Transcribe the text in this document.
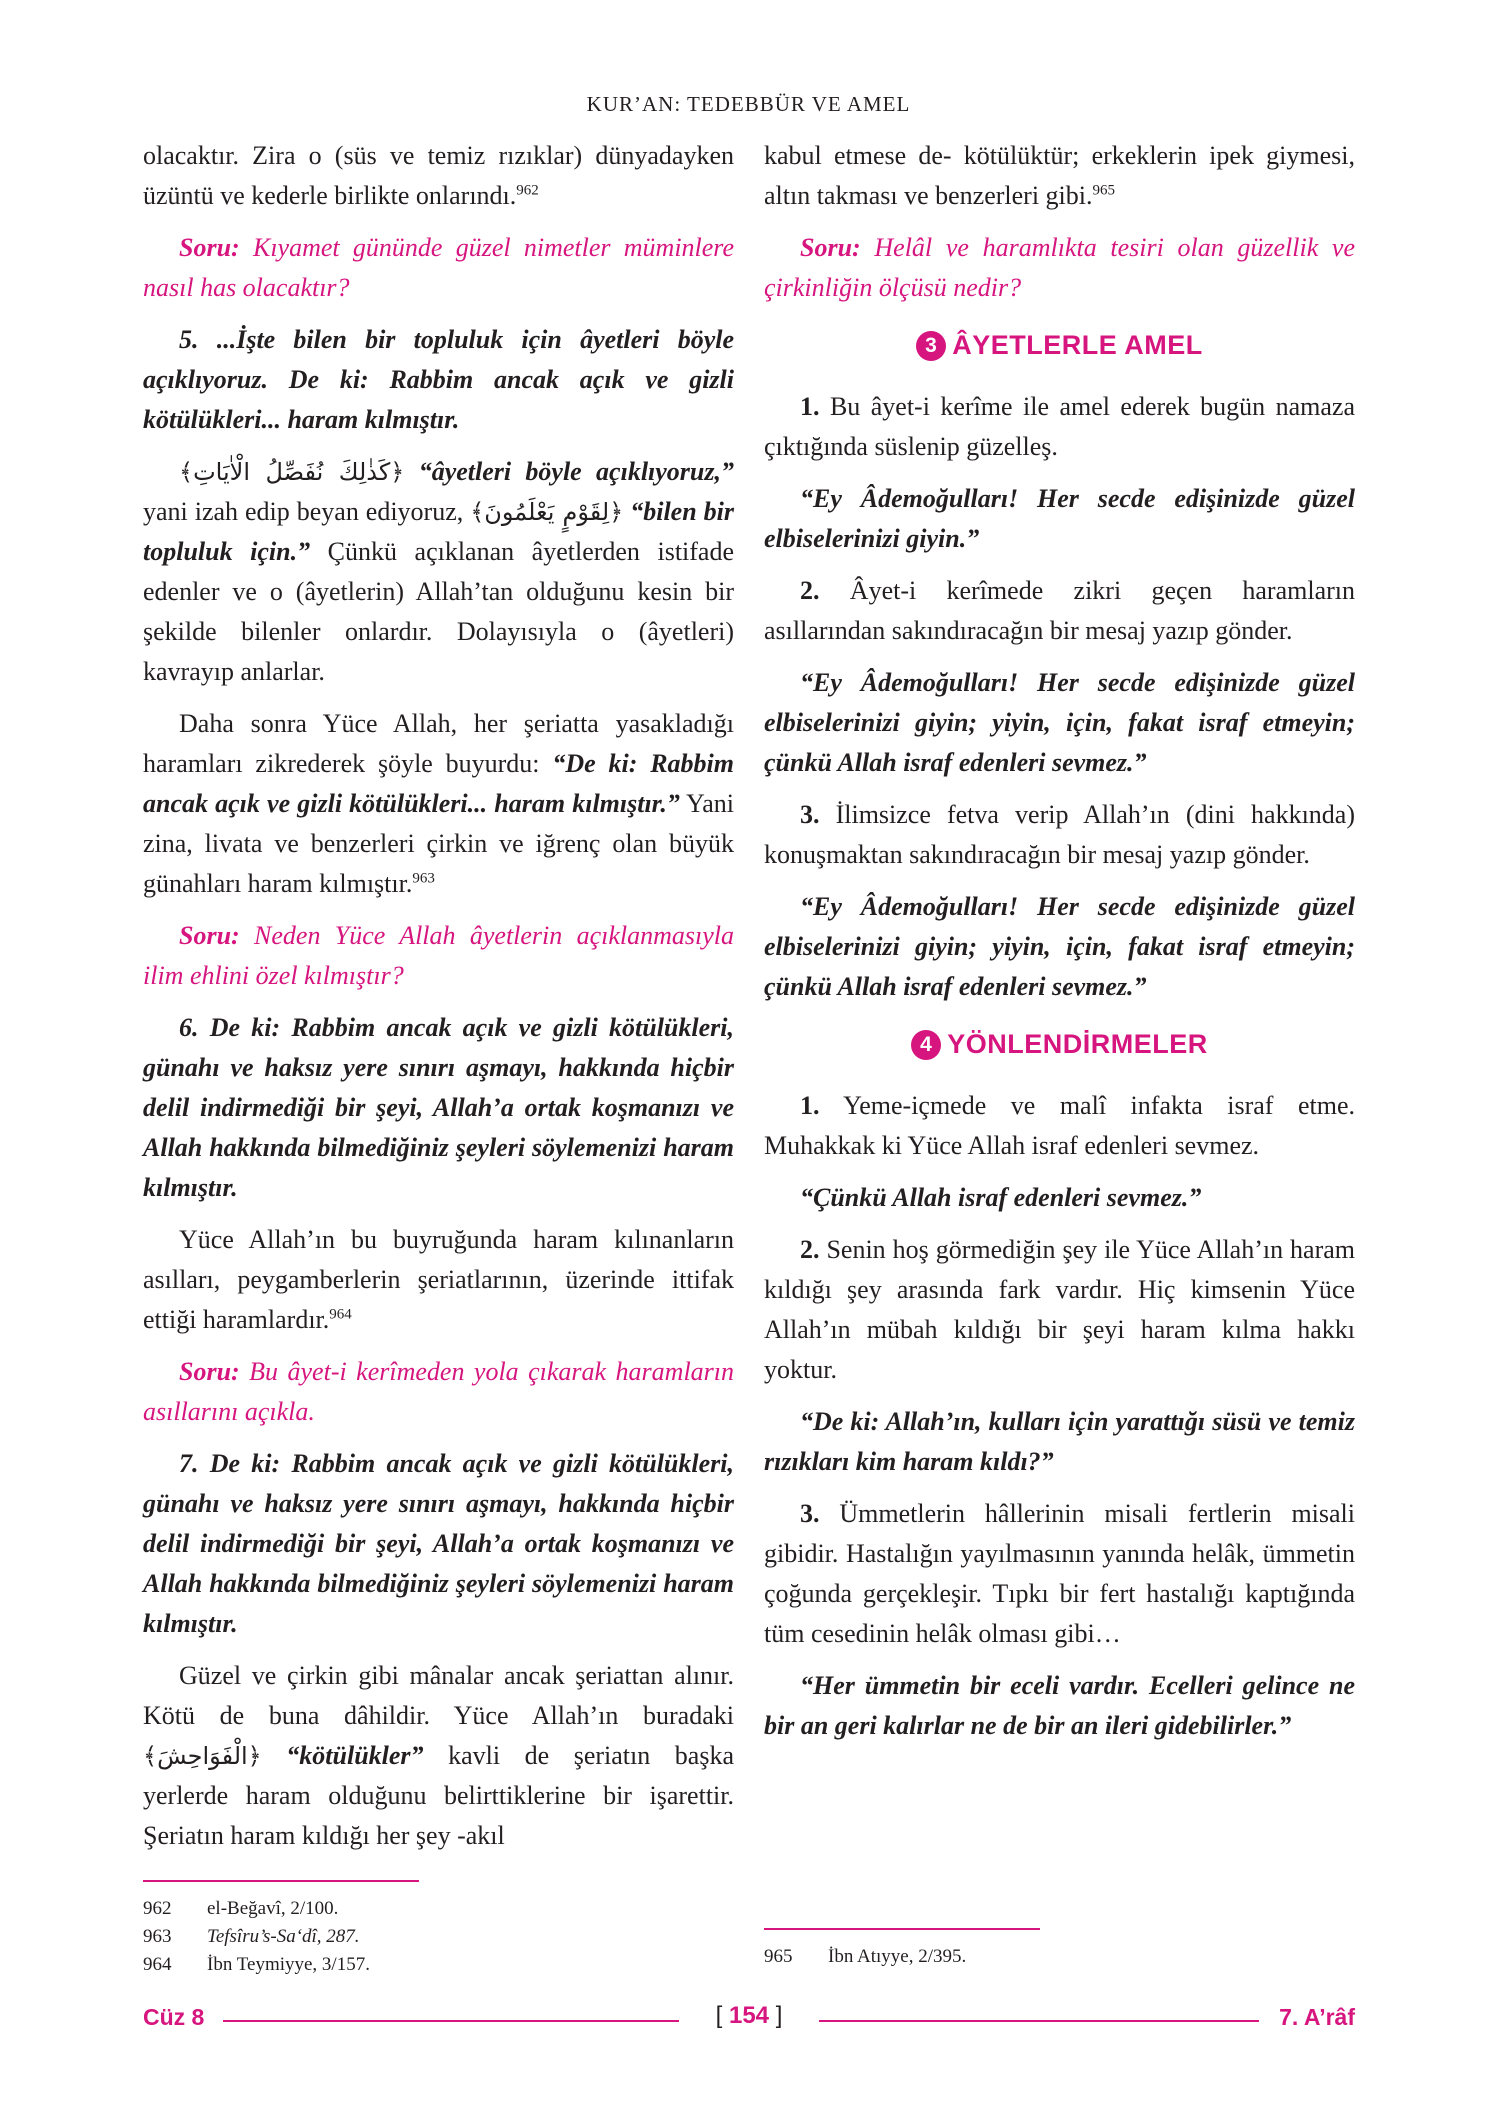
KUR’AN: TEDEBBÜR VE AMEL

olacaktır. Zira o (süs ve temiz rızıklar) dünyadayken üzüntü ve kederle birlikte onlarındı.$^{962}$

Soru: Kıyamet gününde güzel nimetler müminlere nasıl has olacaktır?

5. ...İşte bilen bir topluluk için âyetleri böyle açıklıyoruz. De ki: Rabbim ancak açık ve gizli kötülükleri... haram kılmıştır.

﴿كَذٰلِكَ نُفَصِّلُ الْاٰيَاتِ﴾ “âyetleri böyle açıklıyoruz,” yani izah edip beyan ediyoruz, ﴿لِقَوْمٍ يَعْلَمُونَ﴾ “bilen bir topluluk için.” Çünkü açıklanan âyetlerden istifade edenler ve o (âyetlerin) Allah’tan olduğunu kesin bir şekilde bilenler onlardır. Dolayısıyla o (âyetleri) kavrayıp anlarlar.

Daha sonra Yüce Allah, her şeriatta yasakladığı haramları zikrederek şöyle buyurdu: “De ki: Rabbim ancak açık ve gizli kötülükleri... haram kılmıştır.” Yani zina, livata ve benzerleri çirkin ve iğrenç olan büyük günahları haram kılmıştır.$^{963}$

Soru: Neden Yüce Allah âyetlerin açıklanmasıyla ilim ehlini özel kılmıştır?

6. De ki: Rabbim ancak açık ve gizli kötülükleri, günahı ve haksız yere sınırı aşmayı, hakkında hiçbir delil indirmediği bir şeyi, Allah’a ortak koşmanızı ve Allah hakkında bilmediğiniz şeyleri söylemenizi haram kılmıştır.

Yüce Allah’ın bu buyruğunda haram kılınanların asılları, peygamberlerin şeriatlarının, üzerinde ittifak ettiği haramlardır.$^{964}$

Soru: Bu âyet-i kerîmeden yola çıkarak haramların asıllarını açıkla.

7. De ki: Rabbim ancak açık ve gizli kötülükleri, günahı ve haksız yere sınırı aşmayı, hakkında hiçbir delil indirmediği bir şeyi, Allah’a ortak koşmanızı ve Allah hakkında bilmediğiniz şeyleri söylemenizi haram kılmıştır.

Güzel ve çirkin gibi mânalar ancak şeriattan alınır. Kötü de buna dâhildir. Yüce Allah’ın buradaki ﴿الْفَوَاحِشَ﴾ “kötülükler” kavli de şeriatın başka yerlerde haram olduğunu belirttiklerine bir işarettir. Şeriatın haram kıldığı her şey -akıl

962	el-Beğavî, 2/100.
963	Tefsîru’s-Sa‘dî, 287.
964	İbn Teymiyye, 3/157.

kabul etmese de- kötülüktür; erkeklerin ipek giymesi, altın takması ve benzerleri gibi.$^{965}$

Soru: Helâl ve haramlıkta tesiri olan güzellik ve çirkinliğin ölçüsü nedir?

3 ÂYETLERLE AMEL

1. Bu âyet-i kerîme ile amel ederek bugün namaza çıktığında süslenip güzelleş.

“Ey Âdemoğulları! Her secde edişinizde güzel elbiselerinizi giyin.”

2. Âyet-i kerîmede zikri geçen haramların asıllarından sakındıracağın bir mesaj yazıp gönder.

“Ey Âdemoğulları! Her secde edişinizde güzel elbiselerinizi giyin; yiyin, için, fakat israf etmeyin; çünkü Allah israf edenleri sevmez.”

3. İlimsizce fetva verip Allah’ın (dini hakkında) konuşmaktan sakındıracağın bir mesaj yazıp gönder.

“Ey Âdemoğulları! Her secde edişinizde güzel elbiselerinizi giyin; yiyin, için, fakat israf etmeyin; çünkü Allah israf edenleri sevmez.”

4 YÖNLENDİRMELER

1. Yeme-içmede ve malî infakta israf etme. Muhakkak ki Yüce Allah israf edenleri sevmez.

“Çünkü Allah israf edenleri sevmez.”

2. Senin hoş görmediğin şey ile Yüce Allah’ın haram kıldığı şey arasında fark vardır. Hiç kimsenin Yüce Allah’ın mübah kıldığı bir şeyi haram kılma hakkı yoktur.

“De ki: Allah’ın, kulları için yarattığı süsü ve temiz rızıkları kim haram kıldı?”

3. Ümmetlerin hâllerinin misali fertlerin misali gibidir. Hastalığın yayılmasının yanında helâk, ümmetin çoğunda gerçekleşir. Tıpkı bir fert hastalığı kaptığında tüm cesedinin helâk olması gibi…

“Her ümmetin bir eceli vardır. Ecelleri gelince ne bir an geri kalırlar ne de bir an ileri gidebilirler.”

965	İbn Atıyye, 2/395.
Cüz 8	[ 154 ]	7. A’râf
